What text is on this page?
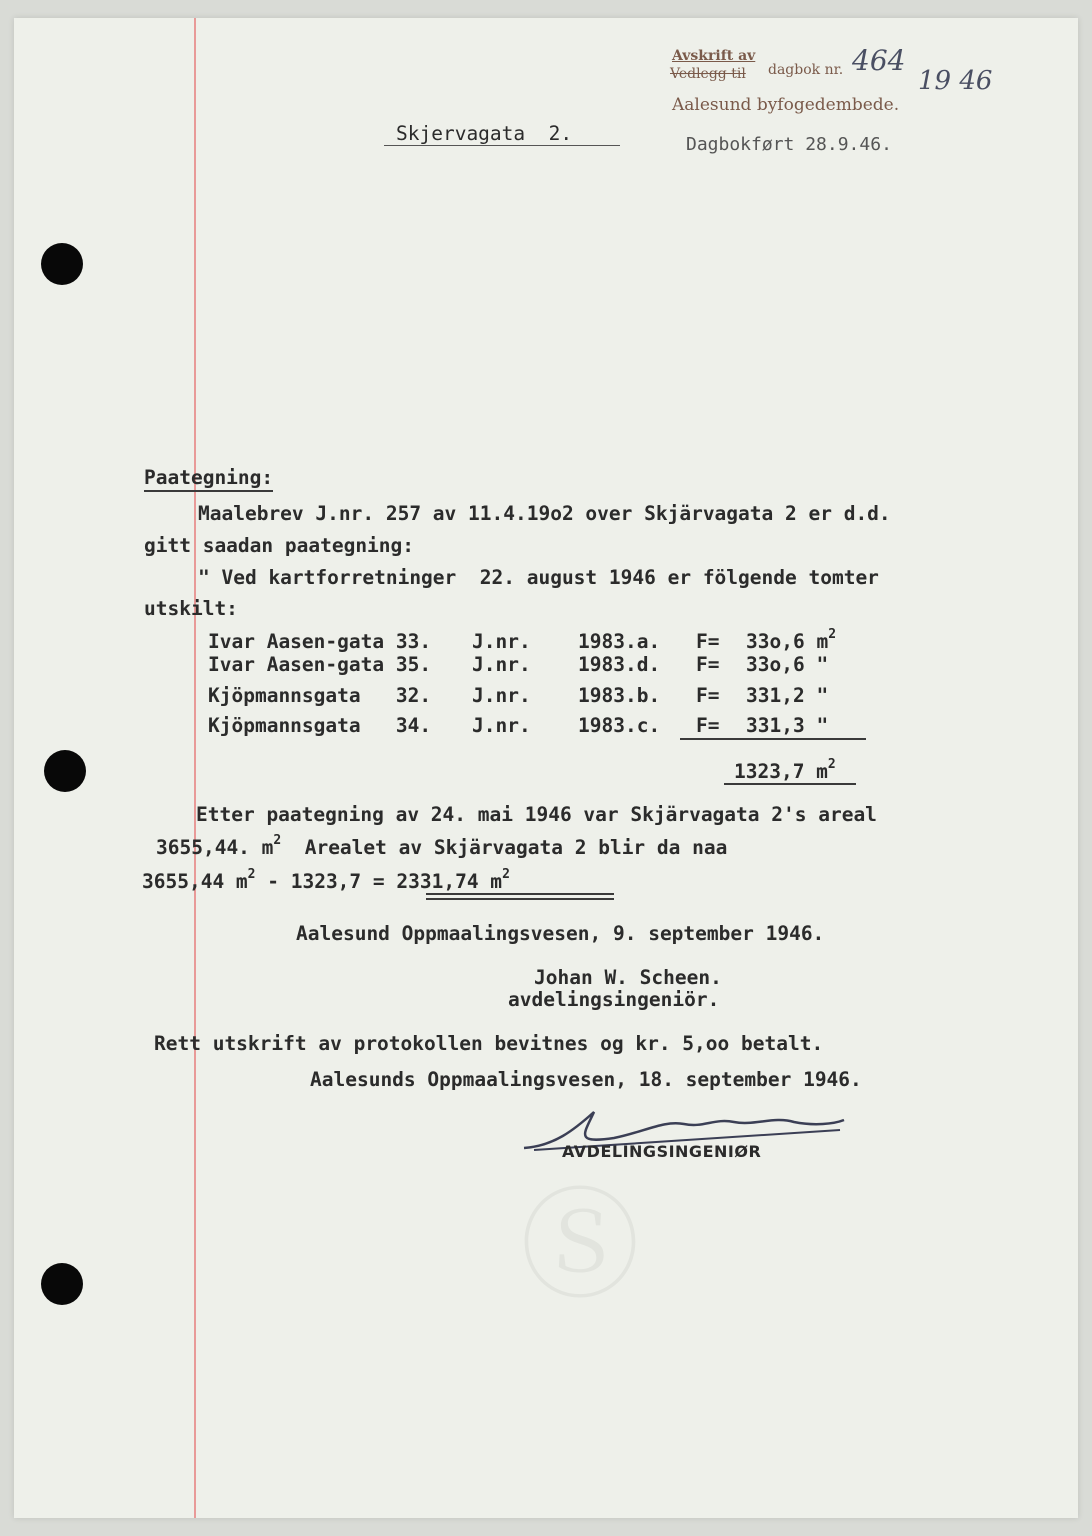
Ⓢ
Avskrift av
Vedlegg til dagbok nr. 464
19 46
Aalesund byfogedembede.
Dagbokført 28.9.46.
Skjervagata  2.
Paategning:
Maalebrev J.nr. 257 av 11.4.19o2 over Skjärvagata 2 er d.d.
gitt saadan paategning:
" Ved kartforretninger  22. august 1946 er fölgende tomter
utskilt:
Ivar Aasen-gata 33. J.nr. 1983.a. F= 33o,6 $m^2$
Ivar Aasen-gata 35. J.nr. 1983.d. F= 33o,6 "
Kjöpmannsgata   32. J.nr. 1983.b. F= 331,2 "
Kjöpmannsgata   34. J.nr. 1983.c. F= 331,3 "
1323,7 $m^2$
Etter paategning av 24. mai 1946 var Skjärvagata 2's areal
3655,44. $m^2$  Arealet av Skjärvagata 2 blir da naa
3655,44 $m^2 - 1323,7 = 2331,74$ $m^2$
Aalesund Oppmaalingsvesen, 9. september 1946.
Johan W. Scheen.
avdelingsingeniör.
Rett utskrift av protokollen bevitnes og kr. 5,oo betalt.
Aalesunds Oppmaalingsvesen, 18. september 1946.
AVDELINGSINGENIØR
